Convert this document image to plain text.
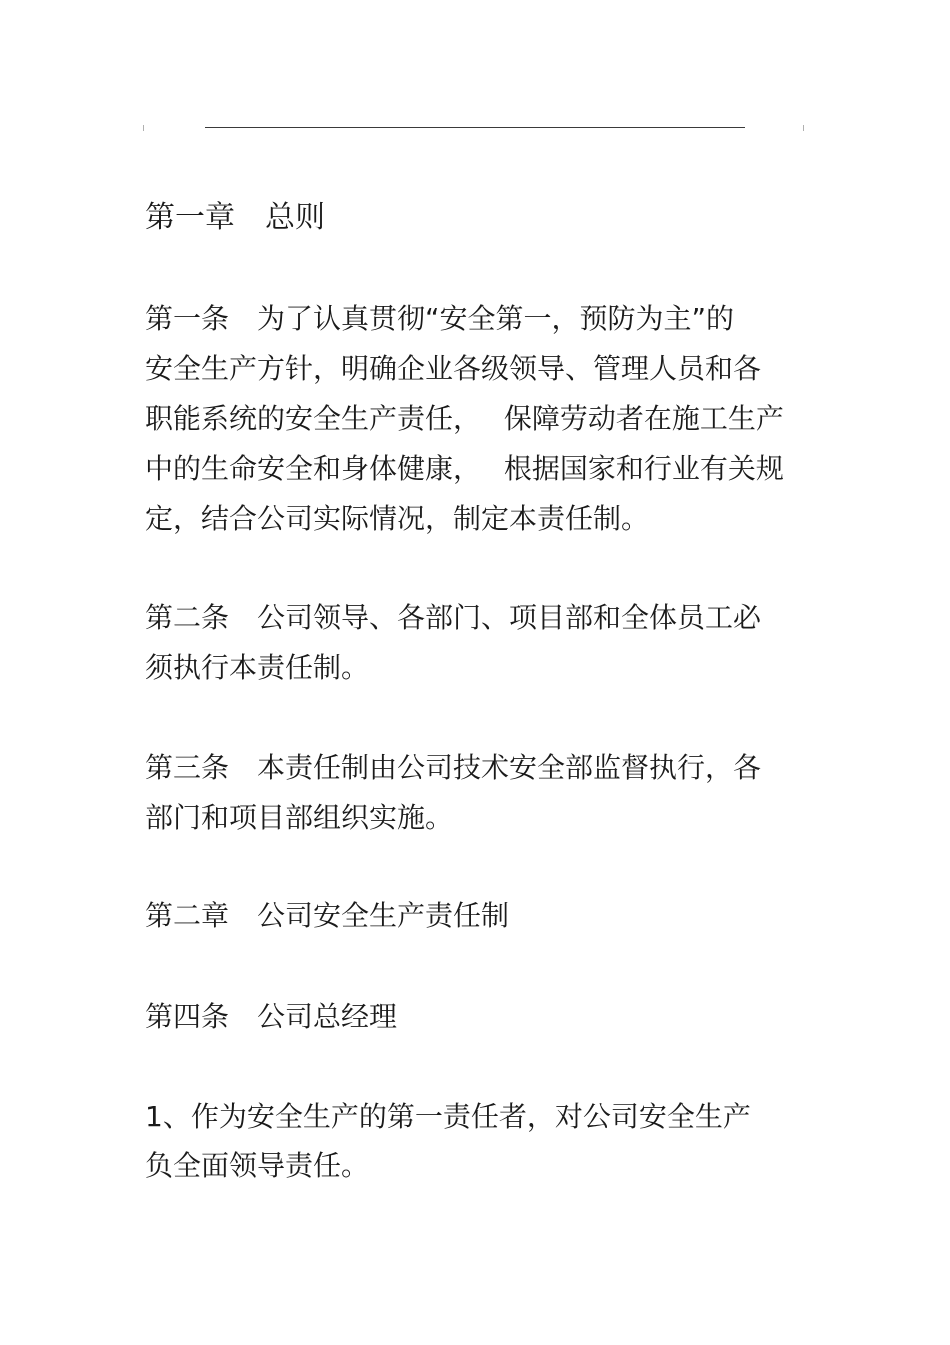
第一章　总则

第一条　为了认真贯彻“安全第一，预防为主”的

安全生产方针，明确企业各级领导、管理人员和各

职能系统的安全生产责任，　 保障劳动者在施工生产

中的生命安全和身体健康，　 根据国家和行业有关规

定，结合公司实际情况，制定本责任制。

第二条　公司领导、各部门、项目部和全体员工必

须执行本责任制。

第三条　本责任制由公司技术安全部监督执行，各

部门和项目部组织实施。

第二章　公司安全生产责任制

第四条　公司总经理

1、作为安全生产的第一责任者，对公司安全生产

负全面领导责任。
